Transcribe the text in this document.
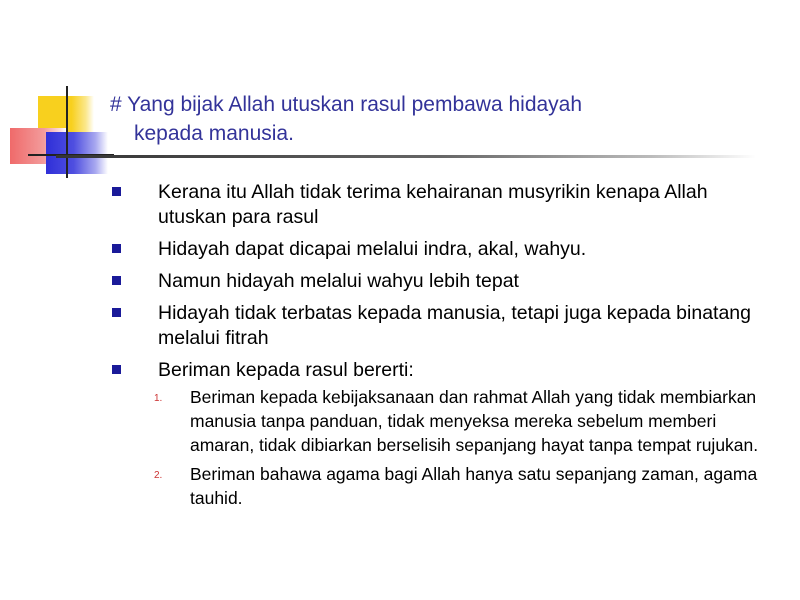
# Yang bijak Allah utuskan rasul pembawa hidayah
kepada manusia.
Kerana itu Allah tidak terima kehairanan musyrikin kenapa Allah utuskan para rasul
Hidayah dapat dicapai melalui indra, akal, wahyu.
Namun hidayah melalui wahyu lebih tepat
Hidayah tidak terbatas kepada manusia, tetapi juga kepada binatang melalui fitrah
Beriman kepada rasul bererti:
1. Beriman kepada kebijaksanaan dan rahmat Allah yang tidak membiarkan manusia tanpa panduan, tidak menyeksa mereka sebelum memberi amaran, tidak dibiarkan berselisih sepanjang hayat tanpa tempat rujukan.
2. Beriman bahawa agama bagi Allah hanya satu sepanjang zaman, agama tauhid.
